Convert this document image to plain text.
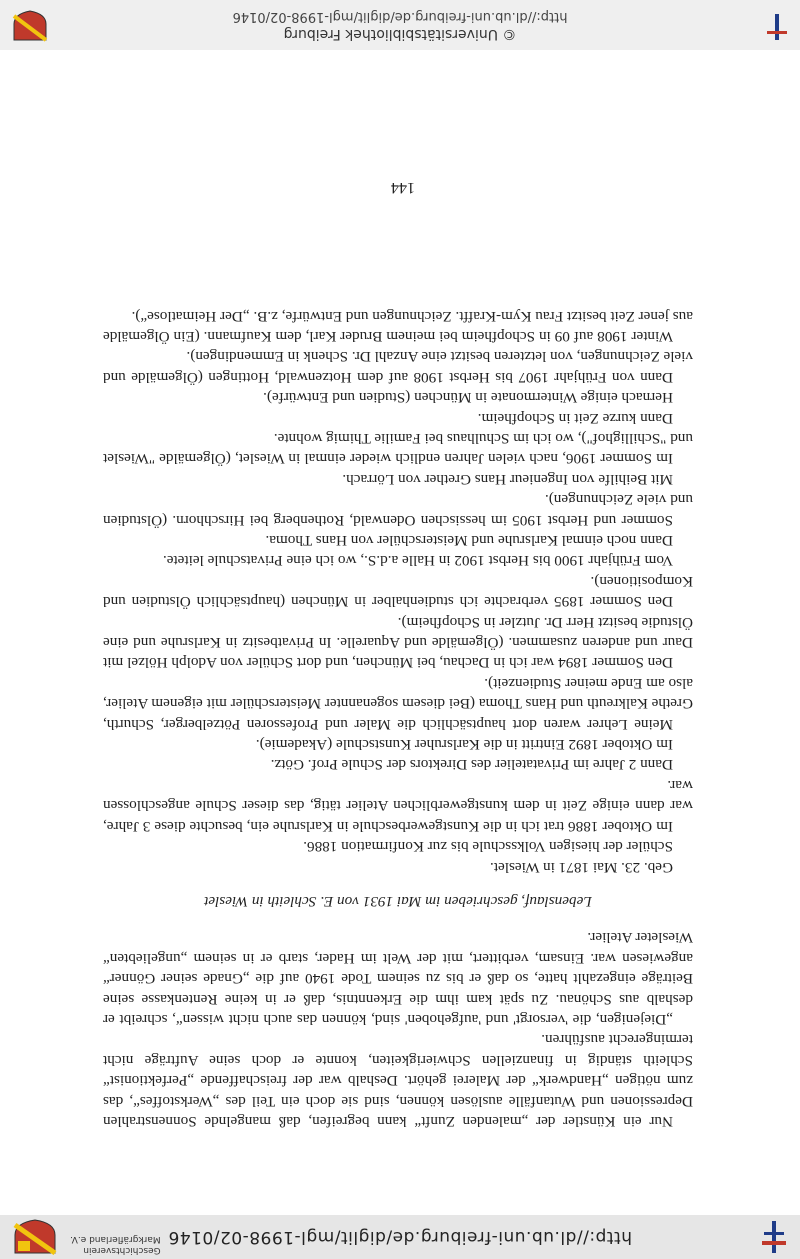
http://dl.ub.uni-freiburg.de/diglit/mgl-1998-02/0146
Geschichtsverein
Markgräflerland e.V.

Nur ein Künstler der „malenden Zunft“ kann begreifen, daß mangelnde Sonnenstrahlen Depressionen und Wutanfälle auslösen können, sind sie doch ein Teil des „Werkstoffes“, das zum nötigen „Handwerk“ der Malerei gehört. Deshalb war der freischaffende „Perfektionist“ Schleith ständig in finanziellen Schwierigkeiten, konnte er doch seine Aufträge nicht termingerecht ausführen.

„Diejenigen, die 'versorgt' und 'aufgehoben' sind, können das auch nicht wissen“, schreibt er deshalb aus Schönau. Zu spät kam ihm die Erkenntnis, daß er in keine Rentenkasse seine Beiträge eingezahlt hatte, so daß er bis zu seinem Tode 1940 auf die „Gnade seiner Gönner“ angewiesen war. Einsam, verbittert, mit der Welt im Hader, starb er in seinem „ungeliebten“ Wiesleter Atelier.

Lebenslauf, geschrieben im Mai 1931 von E. Schleith in Wieslet

Geb. 23. Mai 1871 in Wieslet.

Schüler der hiesigen Volksschule bis zur Konfirmation 1886.

Im Oktober 1886 trat ich in die Kunstgewerbeschule in Karlsruhe ein, besuchte diese 3 Jahre, war dann einige Zeit in dem kunstgewerblichen Atelier tätig, das dieser Schule angeschlossen war.

Dann 2 Jahre im Privatatelier des Direktors der Schule Prof. Götz.

Im Oktober 1892 Eintritt in die Karlsruher Kunstschule (Akademie).

Meine Lehrer waren dort hauptsächlich die Maler und Professoren Pötzelberger, Schurth, Grethe Kalkreuth und Hans Thoma (Bei diesem sogenannter Meisterschüler mit eigenem Atelier, also am Ende meiner Studienzeit).

Den Sommer 1894 war ich in Dachau, bei München, und dort Schüler von Adolph Hölzel mit Daur und anderen zusammen. (Ölgemälde und Aquarelle. In Privatbesitz in Karlsruhe und eine Ölstudie besitzt Herr Dr. Jutzler in Schopfheim).

Den Sommer 1895 verbrachte ich studienhalber in München (hauptsächlich Ölstudien und Kompositionen).

Vom Frühjahr 1900 bis Herbst 1902 in Halle a.d.S., wo ich eine Privatschule leitete.

Dann noch einmal Karlsruhe und Meisterschüler von Hans Thoma.

Sommer und Herbst 1905 im hessischen Odenwald, Rothenberg bei Hirschhorn. (Ölstudien und viele Zeichnungen).

Mit Beihilfe von Ingenieur Hans Grether von Lörrach.

Im Sommer 1906, nach vielen Jahren endlich wieder einmal in Wieslet, (Ölgemälde "Wieslet und "Schillighof"), wo ich im Schulhaus bei Familie Thimig wohnte.

Dann kurze Zeit in Schopfheim.

Hernach einige Wintermonate in München (Studien und Entwürfe).

Dann von Frühjahr 1907 bis Herbst 1908 auf dem Hotzenwald, Hottingen (Ölgemälde und viele Zeichnungen, von letzteren besitzt eine Anzahl Dr. Schenk in Emmendingen).

Winter 1908 auf 09 in Schopfheim bei meinem Bruder Karl, dem Kaufmann. (Ein Ölgemälde aus jener Zeit besitzt Frau Kym-Krafft. Zeichnungen und Entwürfe, z.B. „Der Heimatlose“).

144
© Universitätsbibliothek Freiburg
http://dl.ub.uni-freiburg.de/diglit/mgl-1998-02/0146
